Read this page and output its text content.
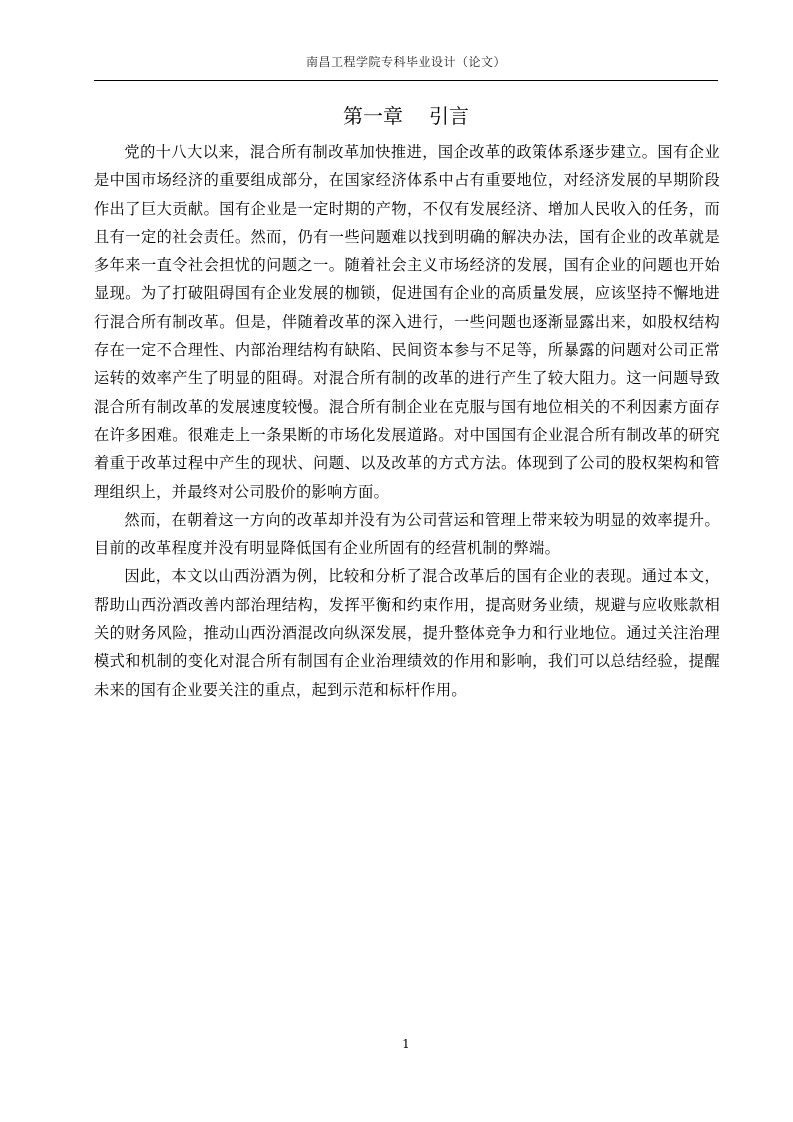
南昌工程学院专科毕业设计（论文）
第一章 引言

党的十八大以来，混合所有制改革加快推进，国企改革的政策体系逐步建立。国有企业是中国市场经济的重要组成部分，在国家经济体系中占有重要地位，对经济发展的早期阶段作出了巨大贡献。国有企业是一定时期的产物，不仅有发展经济、增加人民收入的任务，而且有一定的社会责任。然而，仍有一些问题难以找到明确的解决办法，国有企业的改革就是多年来一直令社会担忧的问题之一。随着社会主义市场经济的发展，国有企业的问题也开始显现。为了打破阻碍国有企业发展的枷锁，促进国有企业的高质量发展，应该坚持不懈地进行混合所有制改革。但是，伴随着改革的深入进行，一些问题也逐渐显露出来，如股权结构存在一定不合理性、内部治理结构有缺陷、民间资本参与不足等，所暴露的问题对公司正常运转的效率产生了明显的阻碍。对混合所有制的改革的进行产生了较大阻力。这一问题导致混合所有制改革的发展速度较慢。混合所有制企业在克服与国有地位相关的不利因素方面存在许多困难。很难走上一条果断的市场化发展道路。对中国国有企业混合所有制改革的研究着重于改革过程中产生的现状、问题、以及改革的方式方法。体现到了公司的股权架构和管理组织上，并最终对公司股价的影响方面。

然而，在朝着这一方向的改革却并没有为公司营运和管理上带来较为明显的效率提升。目前的改革程度并没有明显降低国有企业所固有的经营机制的弊端。

因此，本文以山西汾酒为例，比较和分析了混合改革后的国有企业的表现。通过本文，帮助山西汾酒改善内部治理结构，发挥平衡和约束作用，提高财务业绩，规避与应收账款相关的财务风险，推动山西汾酒混改向纵深发展，提升整体竞争力和行业地位。通过关注治理模式和机制的变化对混合所有制国有企业治理绩效的作用和影响，我们可以总结经验，提醒未来的国有企业要关注的重点，起到示范和标杆作用。

1
